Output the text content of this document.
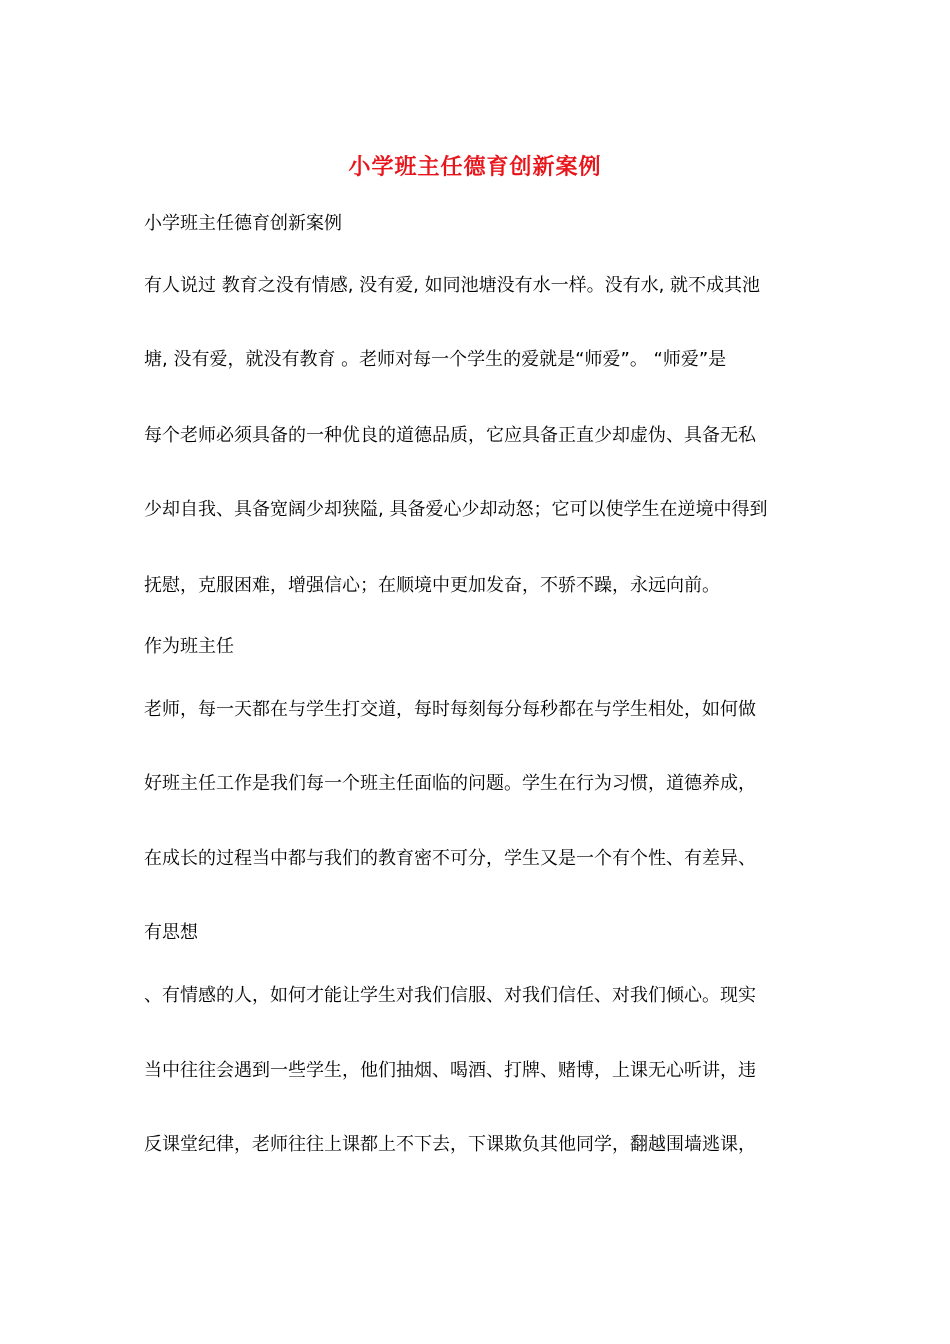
小学班主任德育创新案例
小学班主任德育创新案例
有人说过 教育之没有情感, 没有爱, 如同池塘没有水一样。没有水, 就不成其池
塘, 没有爱，就没有教育 。老师对每一个学生的爱就是“师爱”。 “师爱”是
每个老师必须具备的一种优良的道德品质，它应具备正直少却虚伪、具备无私
少却自我、具备宽阔少却狭隘, 具备爱心少却动怒；它可以使学生在逆境中得到
抚慰，克服困难，增强信心；在顺境中更加发奋，不骄不躁，永远向前。
作为班主任
老师，每一天都在与学生打交道，每时每刻每分每秒都在与学生相处，如何做
好班主任工作是我们每一个班主任面临的问题。学生在行为习惯，道德养成，
在成长的过程当中都与我们的教育密不可分，学生又是一个有个性、有差异、
有思想
、有情感的人，如何才能让学生对我们信服、对我们信任、对我们倾心。现实
当中往往会遇到一些学生，他们抽烟、喝酒、打牌、赌博，上课无心听讲，违
反课堂纪律，老师往往上课都上不下去，下课欺负其他同学，翻越围墙逃课，
